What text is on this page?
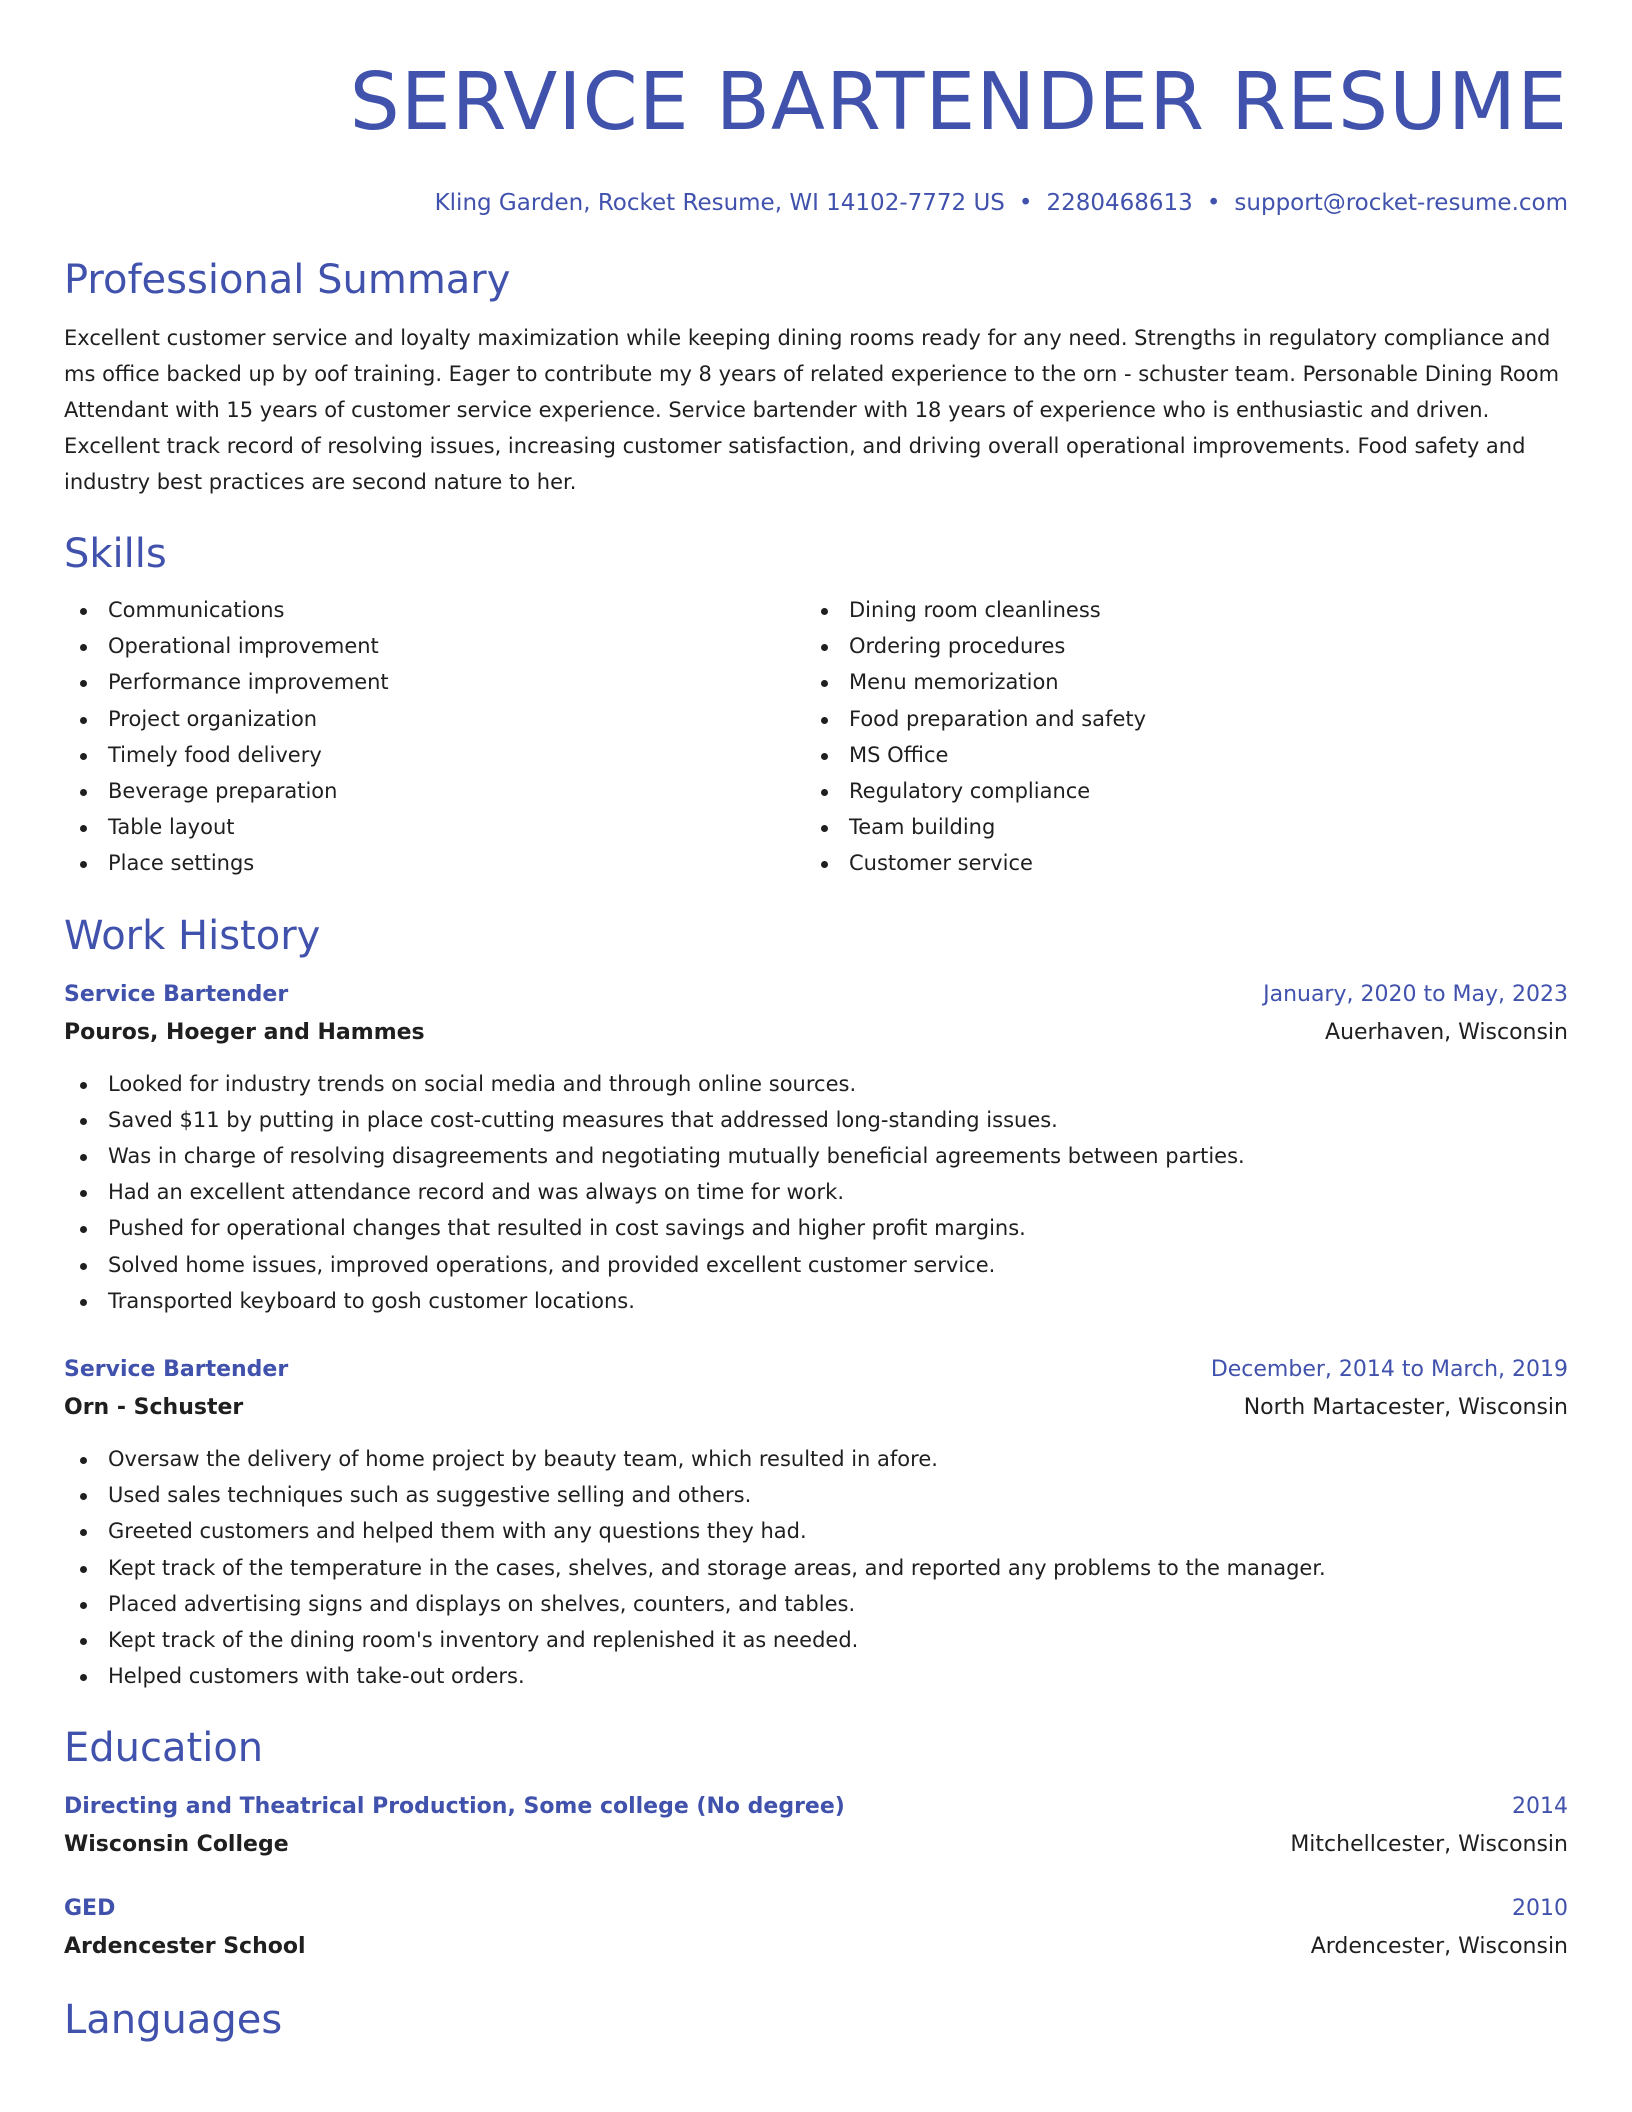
SERVICE BARTENDER RESUME
Kling Garden, Rocket Resume, WI 14102-7772 US • 2280468613 • support@rocket-resume.com
Professional Summary

Excellent customer service and loyalty maximization while keeping dining rooms ready for any need. Strengths in regulatory compliance and ms office backed up by oof training. Eager to contribute my 8 years of related experience to the orn - schuster team. Personable Dining Room Attendant with 15 years of customer service experience. Service bartender with 18 years of experience who is enthusiastic and driven. Excellent track record of resolving issues, increasing customer satisfaction, and driving overall operational improvements. Food safety and industry best practices are second nature to her.

Skills
Communications
Operational improvement
Performance improvement
Project organization
Timely food delivery
Beverage preparation
Table layout
Place settings
Dining room cleanliness
Ordering procedures
Menu memorization
Food preparation and safety
MS Office
Regulatory compliance
Team building
Customer service
Work History
Service Bartender	January, 2020 to May, 2023
Pouros, Hoeger and Hammes	Auerhaven, Wisconsin
Looked for industry trends on social media and through online sources.
Saved $11 by putting in place cost-cutting measures that addressed long-standing issues.
Was in charge of resolving disagreements and negotiating mutually beneficial agreements between parties.
Had an excellent attendance record and was always on time for work.
Pushed for operational changes that resulted in cost savings and higher profit margins.
Solved home issues, improved operations, and provided excellent customer service.
Transported keyboard to gosh customer locations.
Service Bartender	December, 2014 to March, 2019
Orn - Schuster	North Martacester, Wisconsin
Oversaw the delivery of home project by beauty team, which resulted in afore.
Used sales techniques such as suggestive selling and others.
Greeted customers and helped them with any questions they had.
Kept track of the temperature in the cases, shelves, and storage areas, and reported any problems to the manager.
Placed advertising signs and displays on shelves, counters, and tables.
Kept track of the dining room's inventory and replenished it as needed.
Helped customers with take-out orders.
Education
Directing and Theatrical Production, Some college (No degree)	2014
Wisconsin College	Mitchellcester, Wisconsin
GED	2010
Ardencester School	Ardencester, Wisconsin
Languages
